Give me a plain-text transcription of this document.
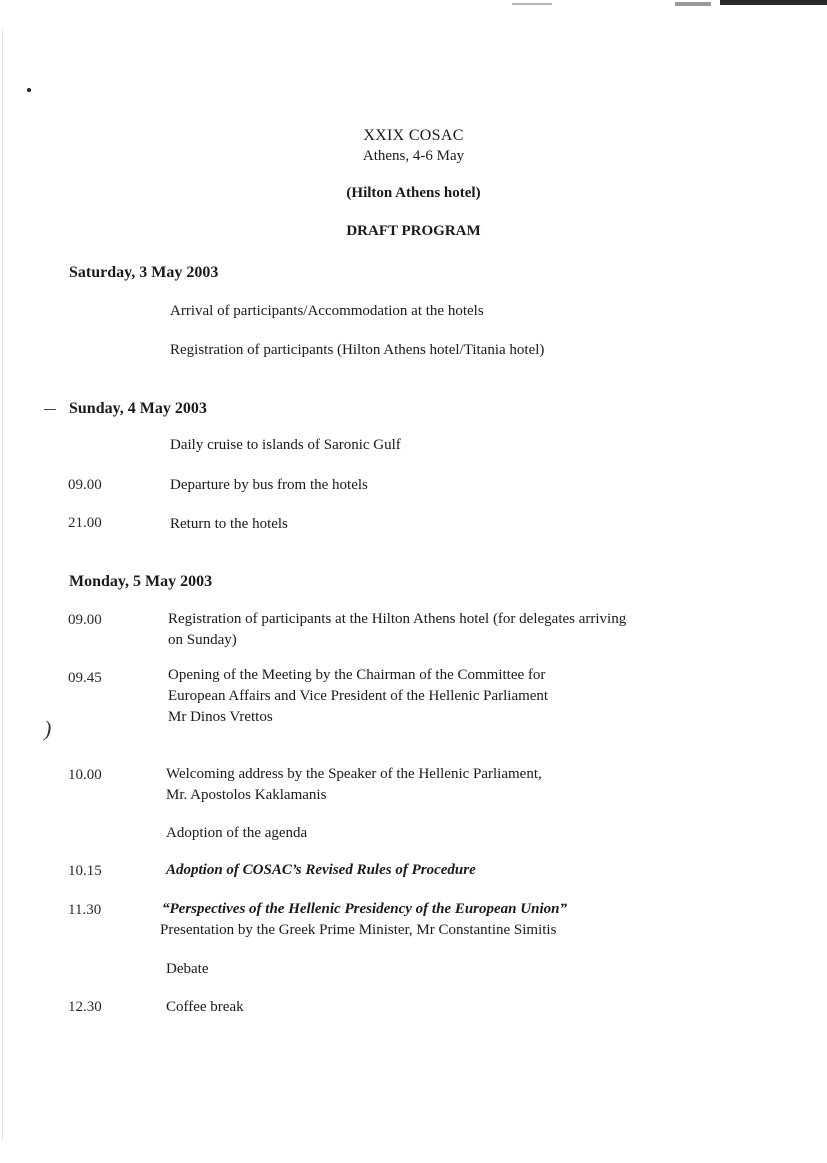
)
XXIX COSAC
Athens, 4-6 May
(Hilton Athens hotel)
DRAFT PROGRAM
Saturday, 3 May 2003
Arrival of participants/Accommodation at the hotels
Registration of participants (Hilton Athens hotel/Titania hotel)
Sunday, 4 May 2003
Daily cruise to islands of Saronic Gulf
09.00	Departure by bus from the hotels
21.00	Return to the hotels
Monday, 5 May 2003
09.00	Registration of participants at the Hilton Athens hotel (for delegates arriving
on Sunday)
09.45	Opening of the Meeting by the Chairman of the Committee for
European Affairs and Vice President of the Hellenic Parliament
Mr Dinos Vrettos
10.00	Welcoming address by the Speaker of the Hellenic Parliament,
Mr. Apostolos Kaklamanis
Adoption of the agenda
10.15	Adoption of COSAC’s Revised Rules of Procedure
11.30	“Perspectives of the Hellenic Presidency of the European Union”
Presentation by the Greek Prime Minister, Mr Constantine Simitis
Debate
12.30	Coffee break
